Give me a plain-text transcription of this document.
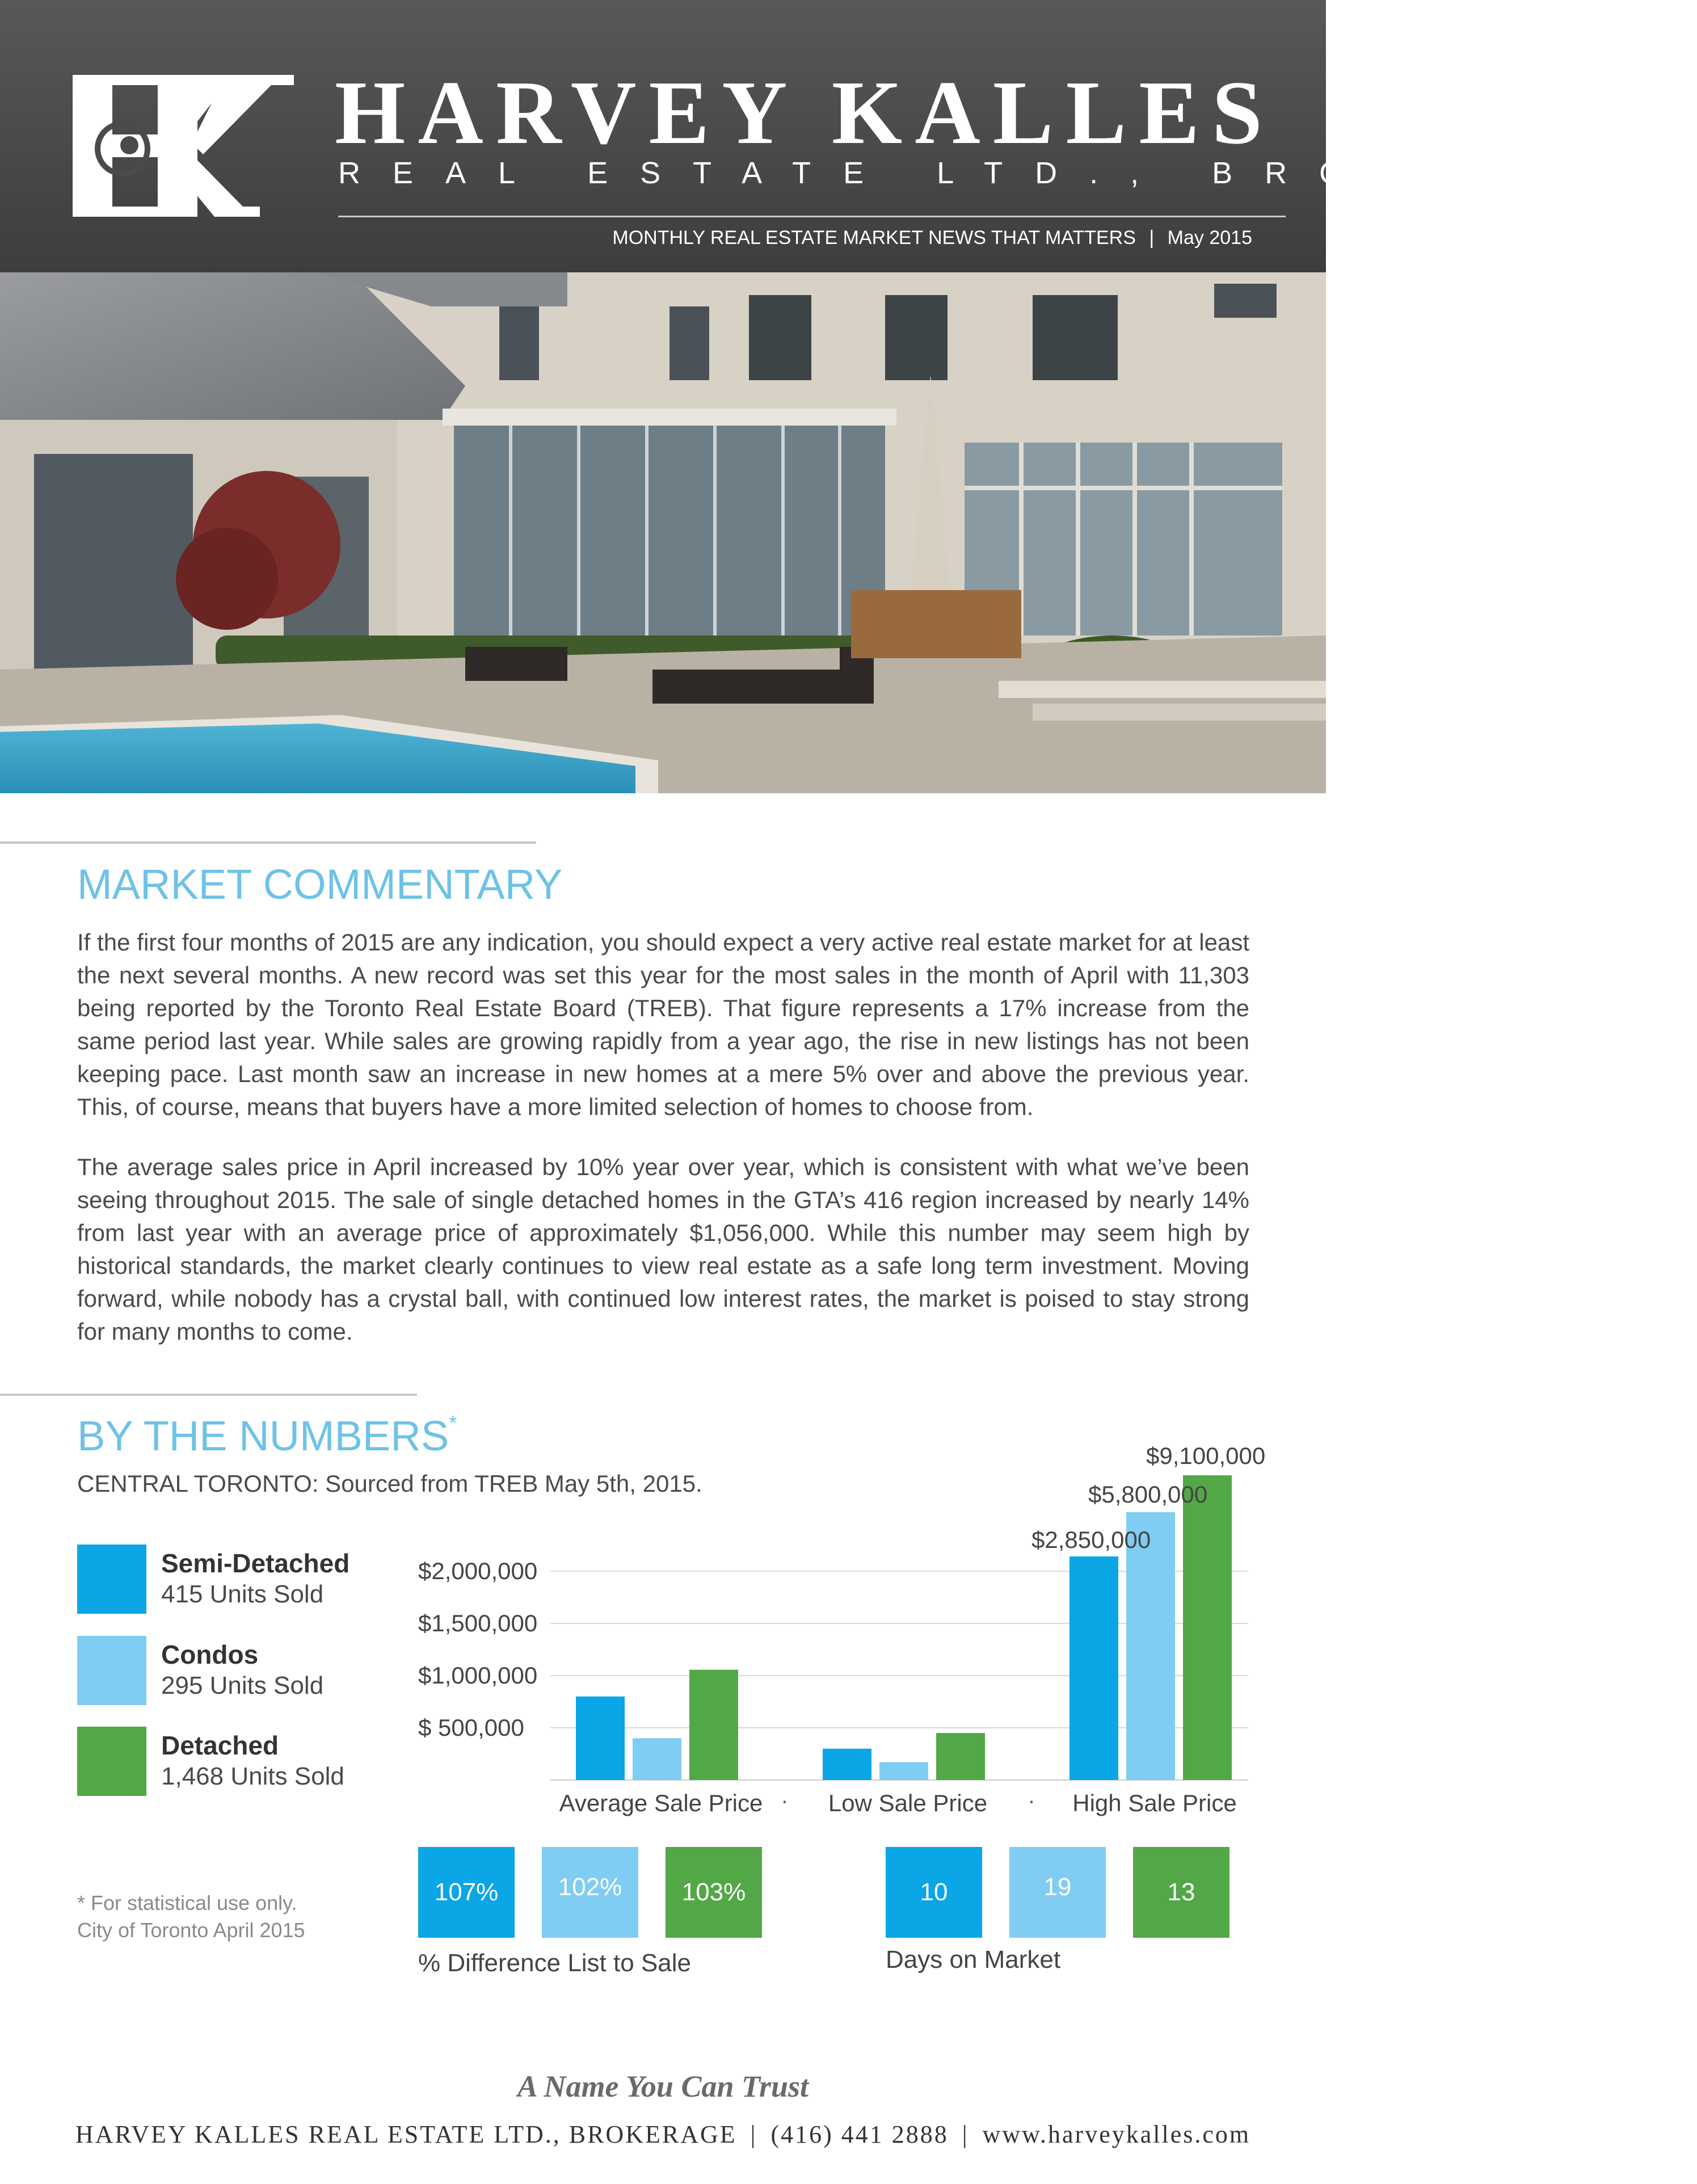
HARVEY KALLES
REAL ESTATE LTD., BROKERAGE
MONTHLY REAL ESTATE MARKET NEWS THAT MATTERS | May 2015
MARKET COMMENTARY
If the first four months of 2015 are any indication, you should expect a very active real estate market for at least the next several months. A new record was set this year for the most sales in the month of April with 11,303 being reported by the Toronto Real Estate Board (TREB). That figure represents a 17% increase from the same period last year. While sales are growing rapidly from a year ago, the rise in new listings has not been keeping pace. Last month saw an increase in new homes at a mere 5% over and above the previous year. This, of course, means that buyers have a more limited selection of homes to choose from.
The average sales price in April increased by 10% year over year, which is consistent with what we’ve been seeing throughout 2015. The sale of single detached homes in the GTA’s 416 region increased by nearly 14% from last year with an average price of approximately $1,056,000. While this number may seem high by historical standards, the market clearly continues to view real estate as a safe long term investment. Moving forward, while nobody has a crystal ball, with continued low interest rates, the market is poised to stay strong for many months to come.
BY THE NUMBERS*
CENTRAL TORONTO: Sourced from TREB May 5th, 2015.
Semi-Detached
415 Units Sold
Condos
295 Units Sold
Detached
1,468 Units Sold
$2,000,000
$1,500,000
$1,000,000
$ 500,000
Average Sale Price · Low Sale Price · High Sale Price
$2,850,000
$5,800,000
$9,100,000
107%	102%	103%
% Difference List to Sale
10	19	13
Days on Market
* For statistical use only.
City of Toronto April 2015
A Name You Can Trust
HARVEY KALLES REAL ESTATE LTD., BROKERAGE | (416) 441 2888 | www.harveykalles.com
